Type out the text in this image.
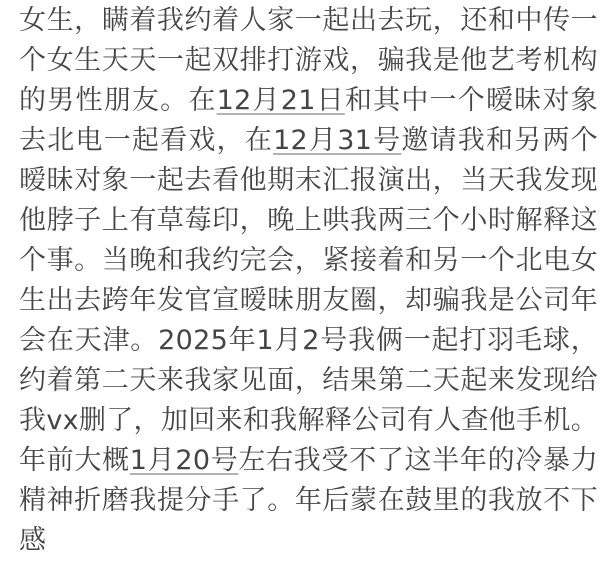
女生，瞒着我约着人家一起出去玩，还和中传一个女生天天一起双排打游戏，骗我是他艺考机构的男性朋友。在12月21日和其中一个暧昧对象去北电一起看戏，在12月31号邀请我和另两个暧昧对象一起去看他期末汇报演出，当天我发现他脖子上有草莓印，晚上哄我两三个小时解释这个事。当晚和我约完会，紧接着和另一个北电女生出去跨年发官宣暧昧朋友圈，却骗我是公司年会在天津。2025年1月2号我俩一起打羽毛球，约着第二天来我家见面，结果第二天起来发现给我vx删了，加回来和我解释公司有人查他手机。年前大概1月20号左右我受不了这半年的冷暴力精神折磨我提分手了。年后蒙在鼓里的我放不下感
